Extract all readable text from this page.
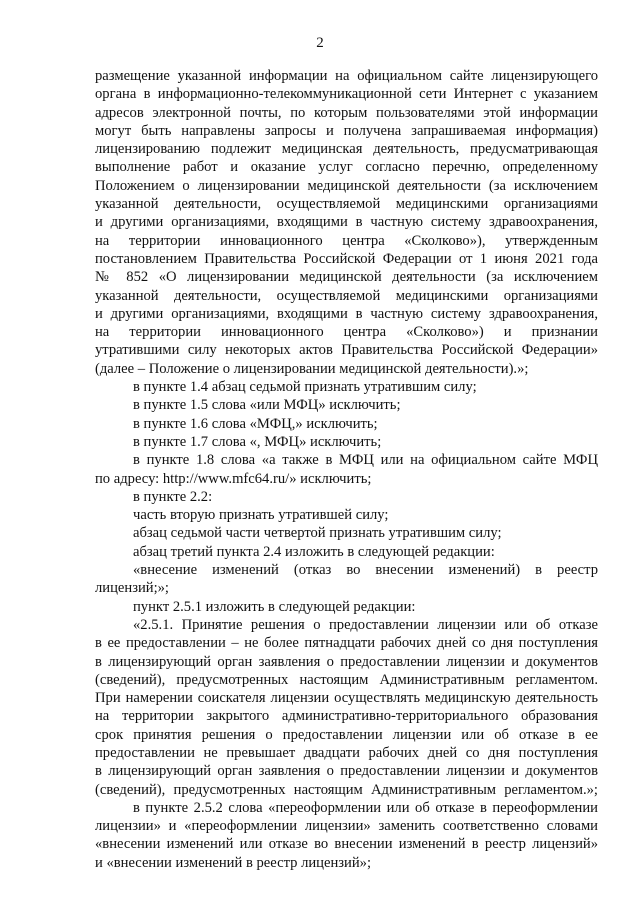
2

размещение указанной информации на официальном сайте лицензирующего

органа в информационно-телекоммуникационной сети Интернет с указанием

адресов электронной почты, по которым пользователями этой информации

могут быть направлены запросы и получена запрашиваемая информация)

лицензированию подлежит медицинская деятельность, предусматривающая

выполнение работ и оказание услуг согласно перечню, определенному

Положением о лицензировании медицинской деятельности (за исключением

указанной деятельности, осуществляемой медицинскими организациями

и другими организациями, входящими в частную систему здравоохранения,

на территории инновационного центра «Сколково»), утвержденным

постановлением Правительства Российской Федерации от 1 июня 2021 года

№ 852 «О лицензировании медицинской деятельности (за исключением

указанной деятельности, осуществляемой медицинскими организациями

и другими организациями, входящими в частную систему здравоохранения,

на территории инновационного центра «Сколково») и признании

утратившими силу некоторых актов Правительства Российской Федерации»

(далее – Положение о лицензировании медицинской деятельности).»;

в пункте 1.4 абзац седьмой признать утратившим силу;

в пункте 1.5 слова «или МФЦ» исключить;

в пункте 1.6 слова «МФЦ,» исключить;

в пункте 1.7 слова «, МФЦ» исключить;

в пункте 1.8 слова «а также в МФЦ или на официальном сайте МФЦ

по адресу: http://www.mfc64.ru/» исключить;

в пункте 2.2:

часть вторую признать утратившей силу;

абзац седьмой части четвертой признать утратившим силу;

абзац третий пункта 2.4 изложить в следующей редакции:

«внесение изменений (отказ во внесении изменений) в реестр

лицензий;»;

пункт 2.5.1 изложить в следующей редакции:

«2.5.1. Принятие решения о предоставлении лицензии или об отказе

в ее предоставлении – не более пятнадцати рабочих дней со дня поступления

в лицензирующий орган заявления о предоставлении лицензии и документов

(сведений), предусмотренных настоящим Административным регламентом.

При намерении соискателя лицензии осуществлять медицинскую деятельность

на территории закрытого административно-территориального образования

срок принятия решения о предоставлении лицензии или об отказе в ее

предоставлении не превышает двадцати рабочих дней со дня поступления

в лицензирующий орган заявления о предоставлении лицензии и документов

(сведений), предусмотренных настоящим Административным регламентом.»;

в пункте 2.5.2 слова «переоформлении или об отказе в переоформлении

лицензии» и «переоформлении лицензии» заменить соответственно словами

«внесении изменений или отказе во внесении изменений в реестр лицензий»

и «внесении изменений в реестр лицензий»;
